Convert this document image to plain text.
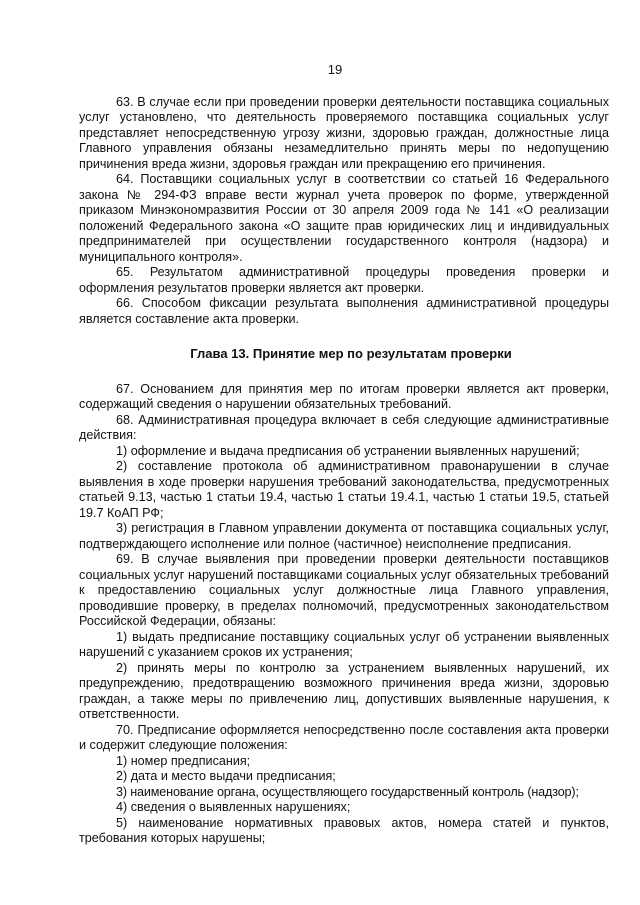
19

63. В случае если при проведении проверки деятельности поставщика социальных услуг установлено, что деятельность проверяемого поставщика социальных услуг представляет непосредственную угрозу жизни, здоровью граждан, должностные лица Главного управления обязаны незамедлительно принять меры по недопущению причинения вреда жизни, здоровья граждан или прекращению его причинения.

64. Поставщики социальных услуг в соответствии со статьей 16 Федерального закона № 294-ФЗ вправе вести журнал учета проверок по форме, утвержденной приказом Минэкономразвития России от 30 апреля 2009 года № 141 «О реализации положений Федерального закона «О защите прав юридических лиц и индивидуальных предпринимателей при осуществлении государственного контроля (надзора) и муниципального контроля».

65. Результатом административной процедуры проведения проверки и оформления результатов проверки является акт проверки.

66. Способом фиксации результата выполнения административной процедуры является составление акта проверки.

Глава 13. Принятие мер по результатам проверки

67. Основанием для принятия мер по итогам проверки является акт проверки, содержащий сведения о нарушении обязательных требований.

68. Административная процедура включает в себя следующие административные действия:

1) оформление и выдача предписания об устранении выявленных нарушений;

2) составление протокола об административном правонарушении в случае выявления в ходе проверки нарушения требований законодательства, предусмотренных статьей 9.13, частью 1 статьи 19.4, частью 1 статьи 19.4.1, частью 1 статьи 19.5, статьей 19.7 КоАП РФ;

3) регистрация в Главном управлении документа от поставщика социальных услуг, подтверждающего исполнение или полное (частичное) неисполнение предписания.

69. В случае выявления при проведении проверки деятельности поставщиков социальных услуг нарушений поставщиками социальных услуг обязательных требований к предоставлению социальных услуг должностные лица Главного управления, проводившие проверку, в пределах полномочий, предусмотренных законодательством Российской Федерации, обязаны:

1) выдать предписание поставщику социальных услуг об устранении выявленных нарушений с указанием сроков их устранения;

2) принять меры по контролю за устранением выявленных нарушений, их предупреждению, предотвращению возможного причинения вреда жизни, здоровью граждан, а также меры по привлечению лиц, допустивших выявленные нарушения, к ответственности.

70. Предписание оформляется непосредственно после составления акта проверки и содержит следующие положения:

1) номер предписания;

2) дата и место выдачи предписания;

3) наименование органа, осуществляющего государственный контроль (надзор);

4) сведения о выявленных нарушениях;

5) наименование нормативных правовых актов, номера статей и пунктов, требования которых нарушены;
